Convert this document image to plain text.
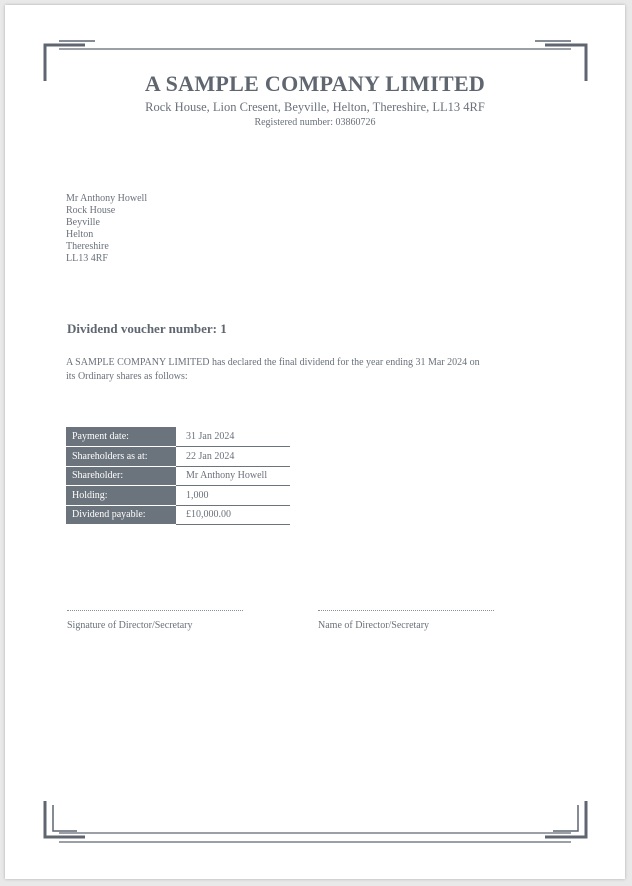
A SAMPLE COMPANY LIMITED
Rock House, Lion Cresent, Beyville, Helton, Thereshire, LL13 4RF
Registered number: 03860726
Mr Anthony Howell
Rock House
Beyville
Helton
Thereshire
LL13 4RF
Dividend voucher number: 1
A SAMPLE COMPANY LIMITED has declared the final dividend for the year ending 31 Mar 2024 on its Ordinary shares as follows:
Payment date:	31 Jan 2024
Shareholders as at:	22 Jan 2024
Shareholder:	Mr Anthony Howell
Holding:	1,000
Dividend payable:	£10,000.00
Signature of Director/Secretary	Name of Director/Secretary
